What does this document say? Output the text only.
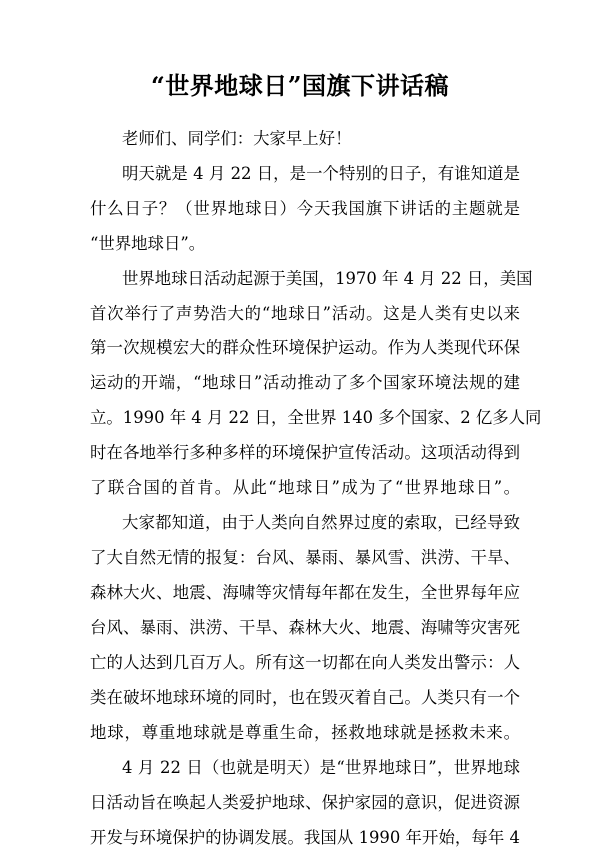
“世界地球日”国旗下讲话稿

老师们、同学们：大家早上好！

明天就是 4 月 22 日，是一个特别的日子，有谁知道是

什么日子？（世界地球日）今天我国旗下讲话的主题就是

“世界地球日”。

世界地球日活动起源于美国，1970 年 4 月 22 日，美国

首次举行了声势浩大的“地球日”活动。这是人类有史以来

第一次规模宏大的群众性环境保护运动。作为人类现代环保

运动的开端，“地球日”活动推动了多个国家环境法规的建

立。1990 年 4 月 22 日，全世界 140 多个国家、2 亿多人同

时在各地举行多种多样的环境保护宣传活动。这项活动得到

了联合国的首肯。从此“地球日”成为了“世界地球日”。

大家都知道，由于人类向自然界过度的索取，已经导致

了大自然无情的报复：台风、暴雨、暴风雪、洪涝、干旱、

森林大火、地震、海啸等灾情每年都在发生，全世界每年应

台风、暴雨、洪涝、干旱、森林大火、地震、海啸等灾害死

亡的人达到几百万人。所有这一切都在向人类发出警示：人

类在破坏地球环境的同时，也在毁灭着自己。人类只有一个

地球，尊重地球就是尊重生命，拯救地球就是拯救未来。

4 月 22 日（也就是明天）是“世界地球日”，世界地球

日活动旨在唤起人类爱护地球、保护家园的意识，促进资源

开发与环境保护的协调发展。我国从 1990 年开始，每年 4
